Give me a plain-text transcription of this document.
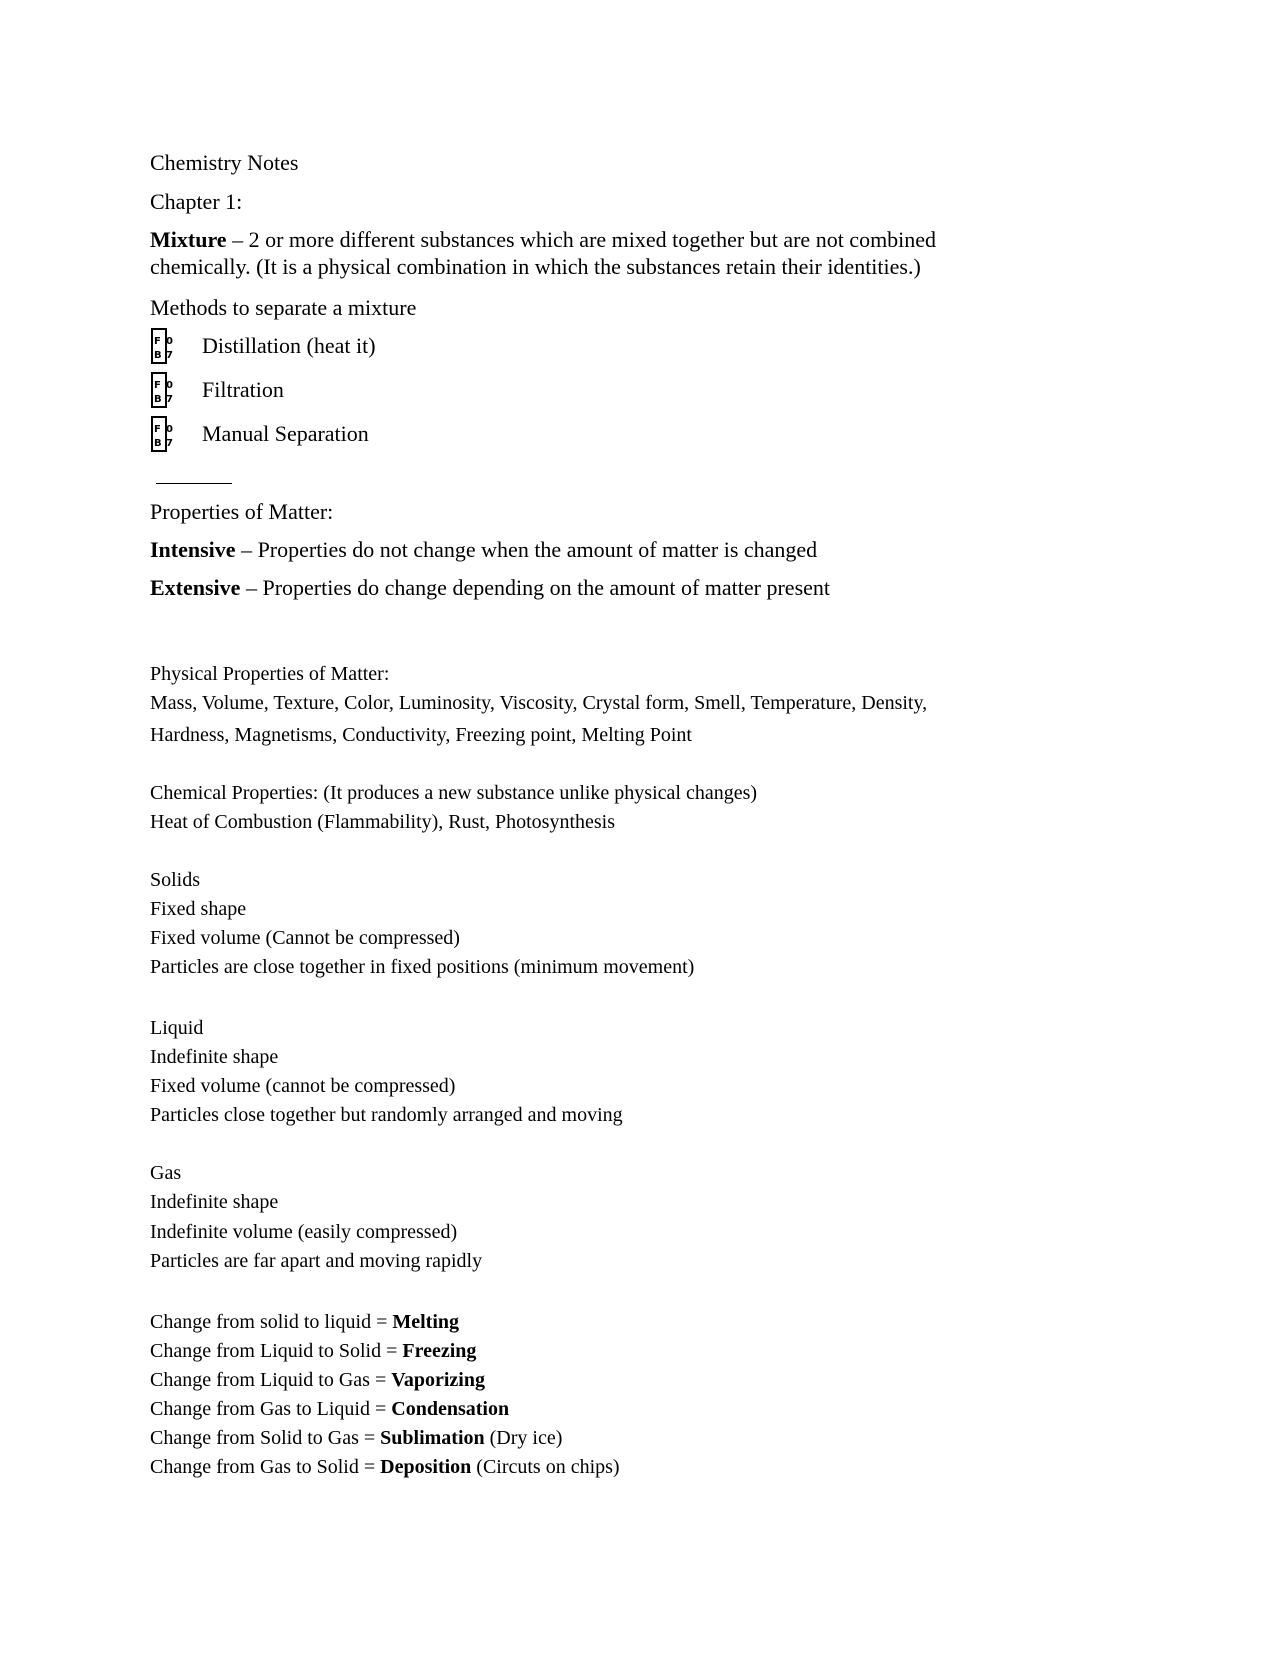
Chemistry Notes
Chapter 1:
Mixture – 2 or more different substances which are mixed together but are not combined
chemically. (It is a physical combination in which the substances retain their identities.)
Methods to separate a mixture
F
B
0
7 Distillation (heat it)
F
B
0
7 Filtration
F
B
0
7 Manual Separation
Properties of Matter:
Intensive – Properties do not change when the amount of matter is changed
Extensive – Properties do change depending on the amount of matter present
Physical Properties of Matter:
Mass, Volume, Texture, Color, Luminosity, Viscosity, Crystal form, Smell, Temperature, Density,
Hardness, Magnetisms, Conductivity, Freezing point, Melting Point
Chemical Properties: (It produces a new substance unlike physical changes)
Heat of Combustion (Flammability), Rust, Photosynthesis
Solids
Fixed shape
Fixed volume (Cannot be compressed)
Particles are close together in fixed positions (minimum movement)
Liquid
Indefinite shape
Fixed volume (cannot be compressed)
Particles close together but randomly arranged and moving
Gas
Indefinite shape
Indefinite volume (easily compressed)
Particles are far apart and moving rapidly
Change from solid to liquid = Melting
Change from Liquid to Solid = Freezing
Change from Liquid to Gas = Vaporizing
Change from Gas to Liquid = Condensation
Change from Solid to Gas = Sublimation (Dry ice)
Change from Gas to Solid = Deposition (Circuts on chips)
